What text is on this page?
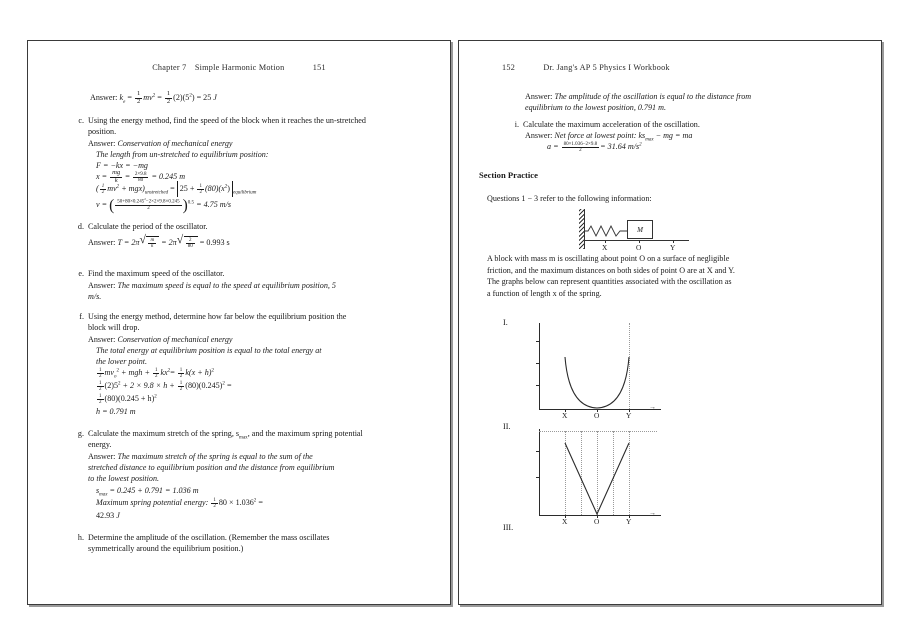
Chapter 7 Simple Harmonic Motion	151
Answer: $k_e = \frac{1}{2} mv^2 = \frac{1}{2} (2)(5^2) = 25$ J
c. Using the energy method, find the speed of the block when it reaches the un-stretched position.
Answer: Conservation of mechanical energy
The length from un-stretched to equilibrium position:
F = −kx = −mg
$x = \frac{mg}{k} = \frac{2\times 9.8}{80} = 0.245$ m
( $\frac{1}{2} mv^2 + mgx)_{unstretched} = 25 + \frac{1}{2} (80)(x^2)_{equilibrium}$
v = ( $\frac{50+80\times 0.245^2-2\times 2\times 9.8\times 0.245}{2} )^{0.5} = 4.75$ m/s
d. Calculate the period of the oscillator.
Answer: T = 2π √ $\frac{m}{k} = 2\pi$ √ $\frac{2}{80} = 0.993$ s
e. Find the maximum speed of the oscillator.
Answer: The maximum speed is equal to the speed at equilibrium position, 5 m/s.
f. Using the energy method, determine how far below the equilibrium position the block will drop.
Answer: Conservation of mechanical energy
The total energy at equilibrium position is equal to the total energy at the lower point.
$\frac{1}{2} mv_o^2$ + mgh + $\frac{1}{2} kx^2= \frac{1}{2} k(x + h)^2$
$\frac{1}{2} (2)5^2 + 2 \times 9.8 \times h + \frac{1}{2} (80)(0.245)^2$ =
$\frac{1}{2} (80)(0.245 + h)^2$
h = 0.791 m
g. Calculate the maximum stretch of the spring, $s_{max}$, and the maximum spring potential energy.
Answer: The maximum stretch of the spring is equal to the sum of the stretched distance to equilibrium position and the distance from equilibrium to the lowest position.
$s_{max} = 0.245 + 0.791 = 1.036$ m
Maximum spring potential energy: $\frac{1}{2} 80 \times 1.036^2$ =
42.93 J
h. Determine the amplitude of the oscillation. (Remember the mass oscillates symmetrically around the equilibrium position.)
152	Dr. Jang's AP 5 Physics I Workbook
Answer: The amplitude of the oscillation is equal to the distance from equilibrium to the lowest position, 0.791 m.
i. Calculate the maximum acceleration of the oscillation.
Answer: Net force at lowest point: $ks_{max}$ − mg = ma
$a = \frac{80\times 1.036-2\times 9.8}{2} = 31.64$ $m/s^2$
Section Practice
Questions 1 − 3 refer to the following information:
M
X	O	Y
A block with mass m is oscillating about point O on a surface of negligible friction, and the maximum distances on both sides of point O are at X and Y. The graphs below can represent quantities associated with the oscillation as a function of length x of the spring.
I.
X	O	Y
→
II.
X	O	Y
→
III.
